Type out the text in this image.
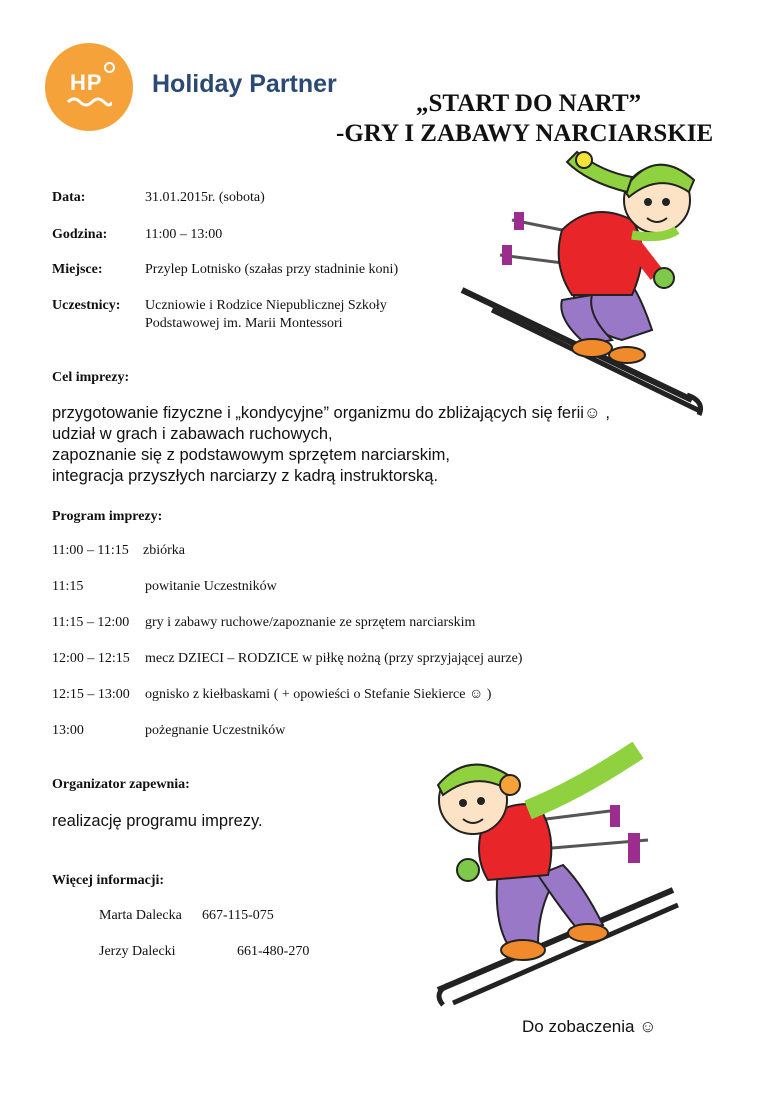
HP Holiday Partner
„START DO NART”
-GRY I ZABAWY NARCIARSKIE
Data:	31.01.2015r. (sobota)
Godzina:	11:00 – 13:00
Miejsce:	Przylep Lotnisko (szałas przy stadninie koni)
Uczestnicy: Uczniowie i Rodzice Niepublicznej Szkoły
Podstawowej im. Marii Montessori
Cel imprezy:
przygotowanie fizyczne i „kondycyjne” organizmu do zbliżających się ferii☺ ,
udział w grach i zabawach ruchowych,
zapoznanie się z podstawowym sprzętem narciarskim,
integracja przyszłych narciarzy z kadrą instruktorską.
Program imprezy:
11:00 – 11:15 zbiórka
11:15	powitanie Uczestników
11:15 – 12:00 gry i zabawy ruchowe/zapoznanie ze sprzętem narciarskim
12:00 – 12:15 mecz DZIECI – RODZICE w piłkę nożną (przy sprzyjającej aurze)
12:15 – 13:00 ognisko z kiełbaskami ( + opowieści o Stefanie Siekierce ☺ )
13:00	pożegnanie Uczestników
Organizator zapewnia:
realizację programu imprezy.
Więcej informacji:
Marta Dalecka 667-115-075
Jerzy Dalecki	661-480-270
Do zobaczenia ☺
